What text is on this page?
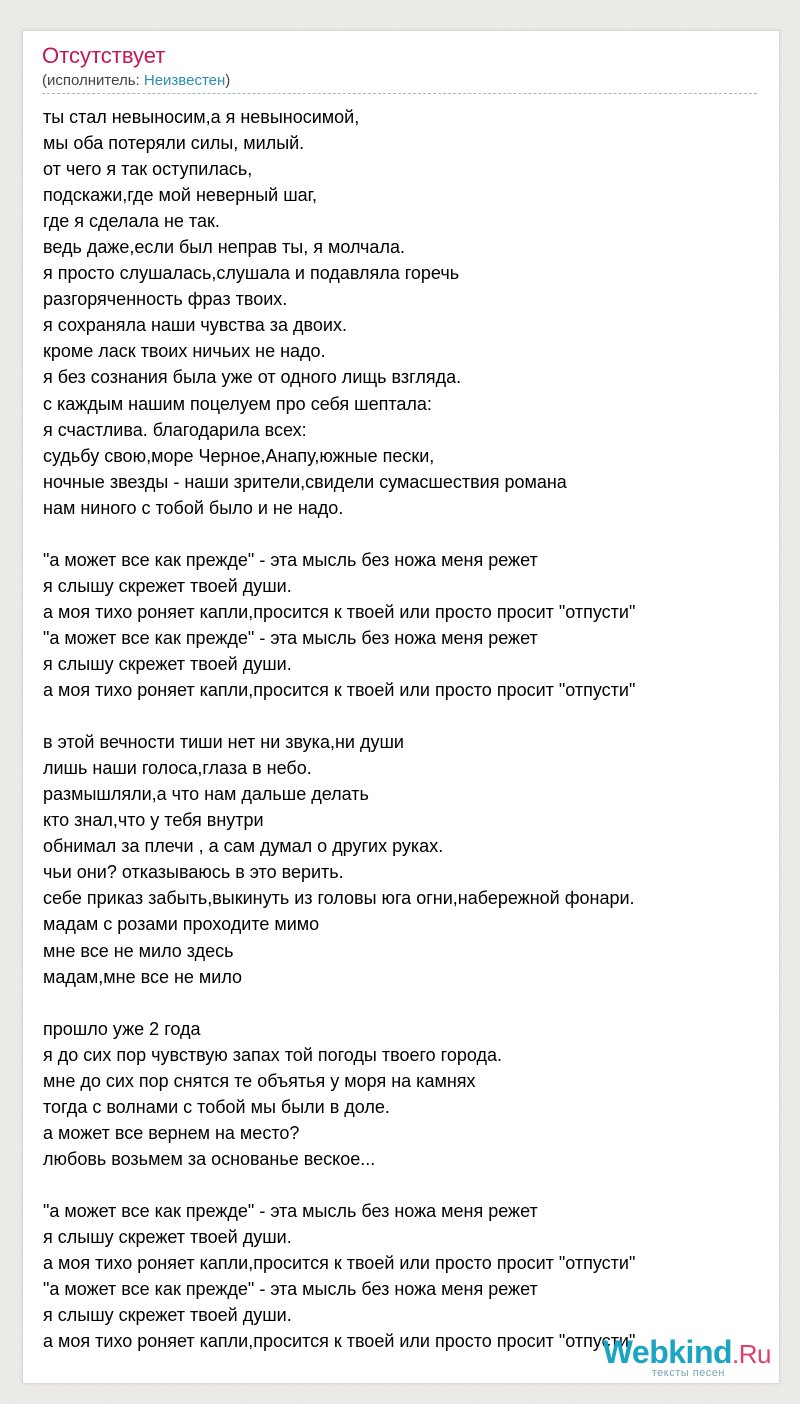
Отсутствует
(исполнитель: Неизвестен)
ты стал невыносим,а я невыносимой,
мы оба потеряли силы, милый.
от чего я так оступилась,
подскажи,где мой неверный шаг,
где я сделала не так.
ведь даже,если был неправ ты, я молчала.
я просто слушалась,слушала и подавляла горечь
разгоряченность фраз твоих.
я сохраняла наши чувства за двоих.
кроме ласк твоих ничьих не надо.
я без сознания была уже от одного лищь взгляда.
с каждым нашим поцелуем про себя шептала:
я счастлива. благодарила всех:
судьбу свою,море Черное,Анапу,южные пески,
ночные звезды - наши зрители,свидели сумасшествия романа
нам ниного с тобой было и не надо.
"а может все как прежде" - эта мысль без ножа меня режет
я слышу скрежет твоей души.
а моя тихо роняет капли,просится к твоей или просто просит "отпусти"
"а может все как прежде" - эта мысль без ножа меня режет
я слышу скрежет твоей души.
а моя тихо роняет капли,просится к твоей или просто просит "отпусти"
в этой вечности тиши нет ни звука,ни души
лишь наши голоса,глаза в небо.
размышляли,а что нам дальше делать
кто знал,что у тебя внутри
обнимал за плечи , а сам думал о других руках.
чьи они? отказываюсь в это верить.
себе приказ забыть,выкинуть из головы юга огни,набережной фонари.
мадам с розами проходите мимо
мне все не мило здесь
мадам,мне все не мило
прошло уже 2 года
я до сих пор чувствую запах той погоды твоего города.
мне до сих пор снятся те объятья у моря на камнях
тогда с волнами с тобой мы были в доле.
а может все вернем на место?
любовь возьмем за основанье веское...
"а может все как прежде" - эта мысль без ножа меня режет
я слышу скрежет твоей души.
а моя тихо роняет капли,просится к твоей или просто просит "отпусти"
"а может все как прежде" - эта мысль без ножа меня режет
я слышу скрежет твоей души.
а моя тихо роняет капли,просится к твоей или просто просит "отпусти"
Webkind.Ru
тексты песен
